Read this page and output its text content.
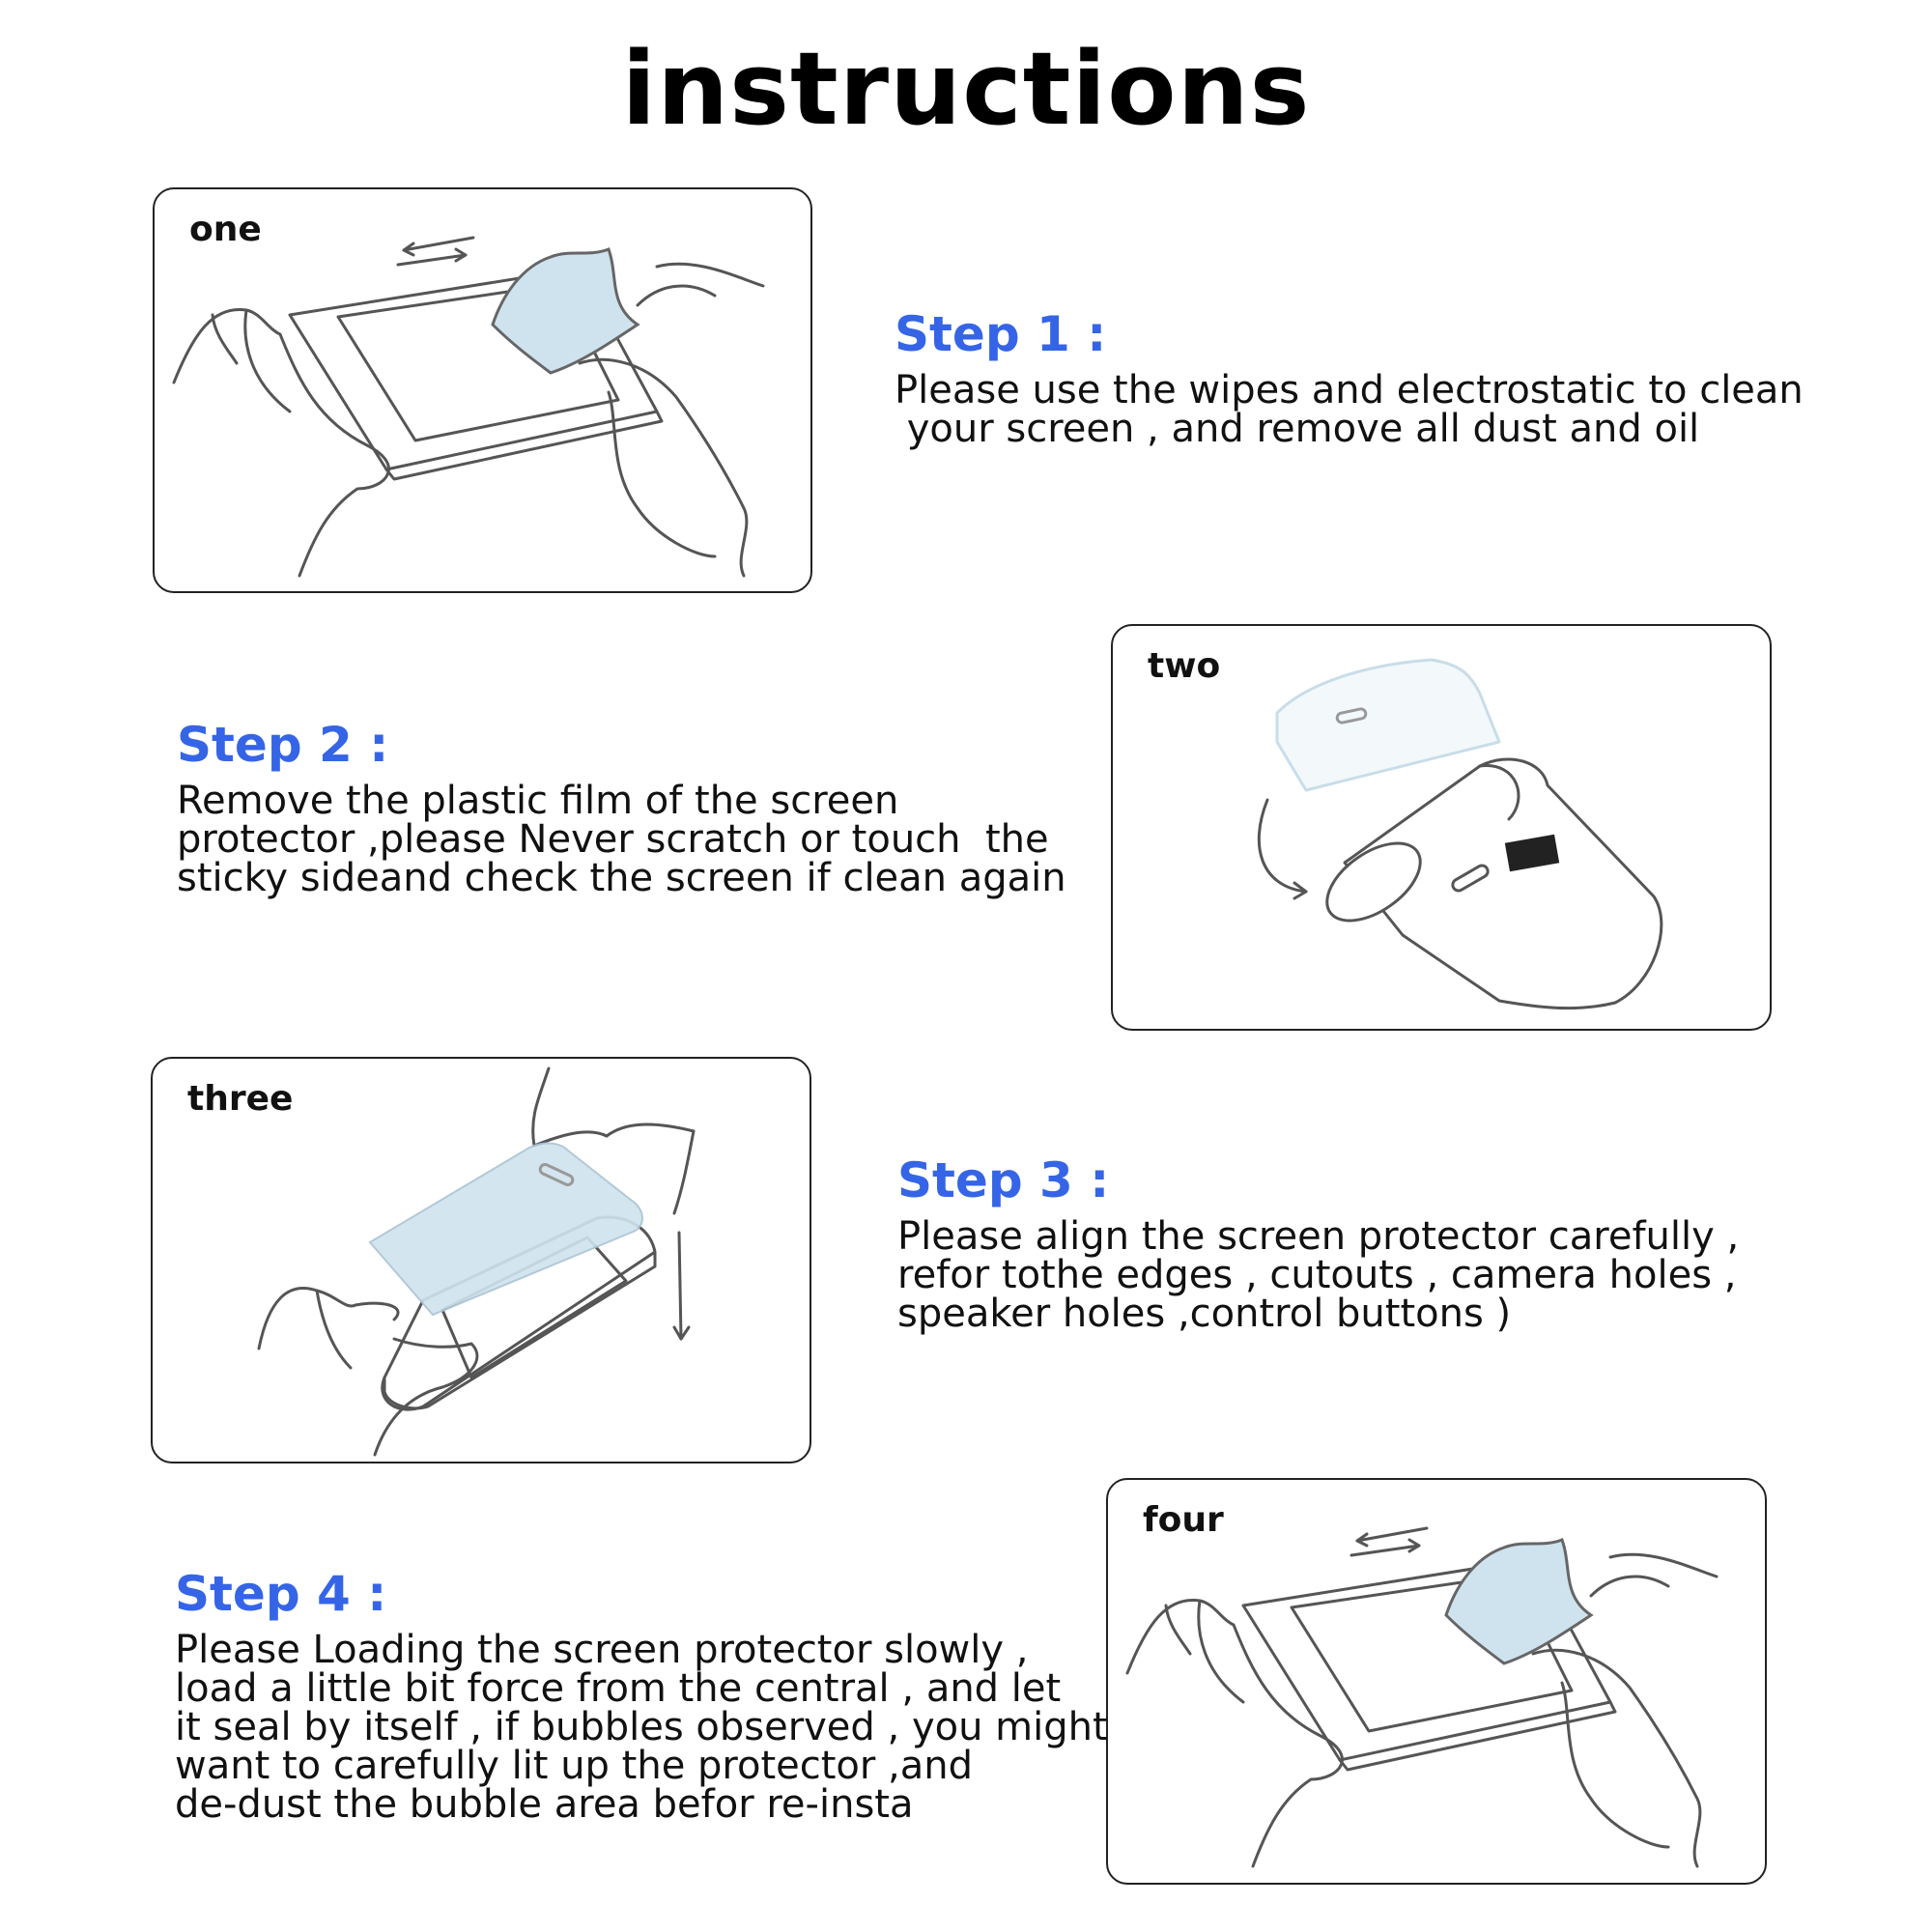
instructions
one
Step 1 :
Please use the wipes and electrostatic to clean
your screen , and remove all dust and oil
two
Step 2 :
Remove the plastic film of the screen
protector ,please Never scratch or touch  the
sticky sideand check the screen if clean again
three
Step 3 :
Please align the screen protector carefully ,
refor tothe edges , cutouts , camera holes ,
speaker holes ,control buttons )
four
Step 4 :
Please Loading the screen protector slowly ,
load a little bit force from the central , and let
it seal by itself , if bubbles observed , you might
want to carefully lit up the protector ,and
de-dust the bubble area befor re-insta
